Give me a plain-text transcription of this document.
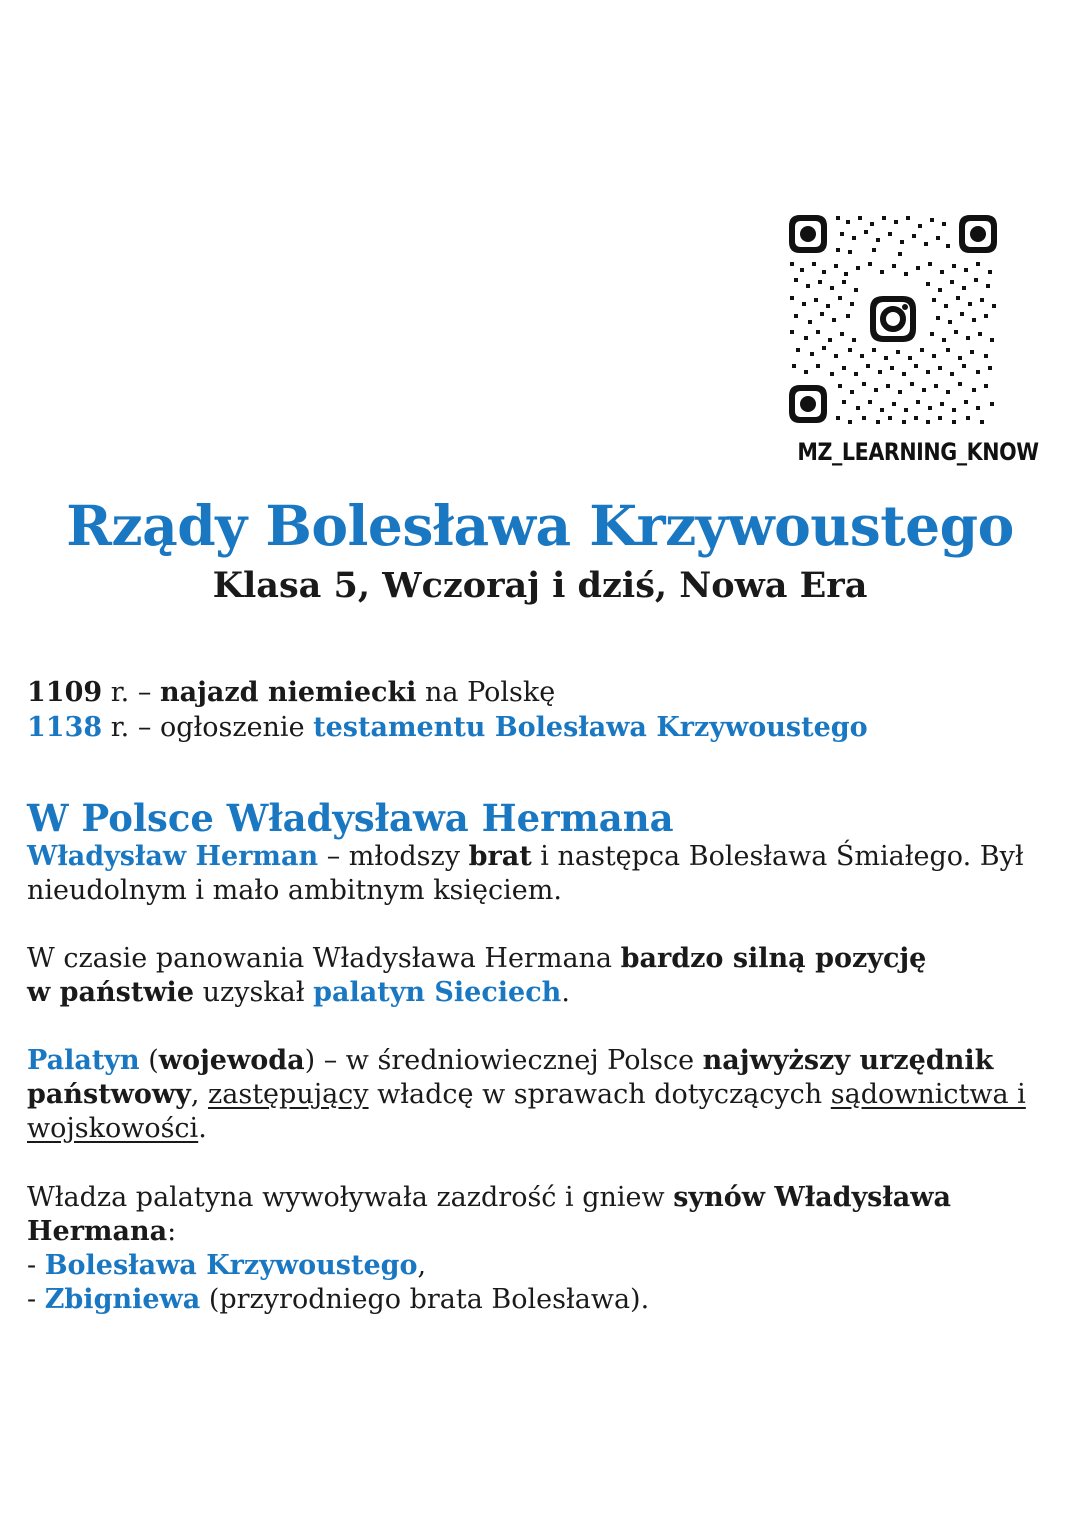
MZ_LEARNING_KNOW
Rządy Bolesława Krzywoustego
Klasa 5, Wczoraj i dziś, Nowa Era
1109 r. – najazd niemiecki na Polskę
1138 r. – ogłoszenie testamentu Bolesława Krzywoustego
W Polsce Władysława Hermana
Władysław Herman – młodszy brat i następca Bolesława Śmiałego. Był
nieudolnym i mało ambitnym księciem.
W czasie panowania Władysława Hermana bardzo silną pozycję
w państwie uzyskał palatyn Sieciech.
Palatyn (wojewoda) – w średniowiecznej Polsce najwyższy urzędnik
państwowy, zastępujący władcę w sprawach dotyczących sądownictwa i
wojskowości.
Władza palatyna wywoływała zazdrość i gniew synów Władysława
Hermana:
- Bolesława Krzywoustego,
- Zbigniewa (przyrodniego brata Bolesława).
